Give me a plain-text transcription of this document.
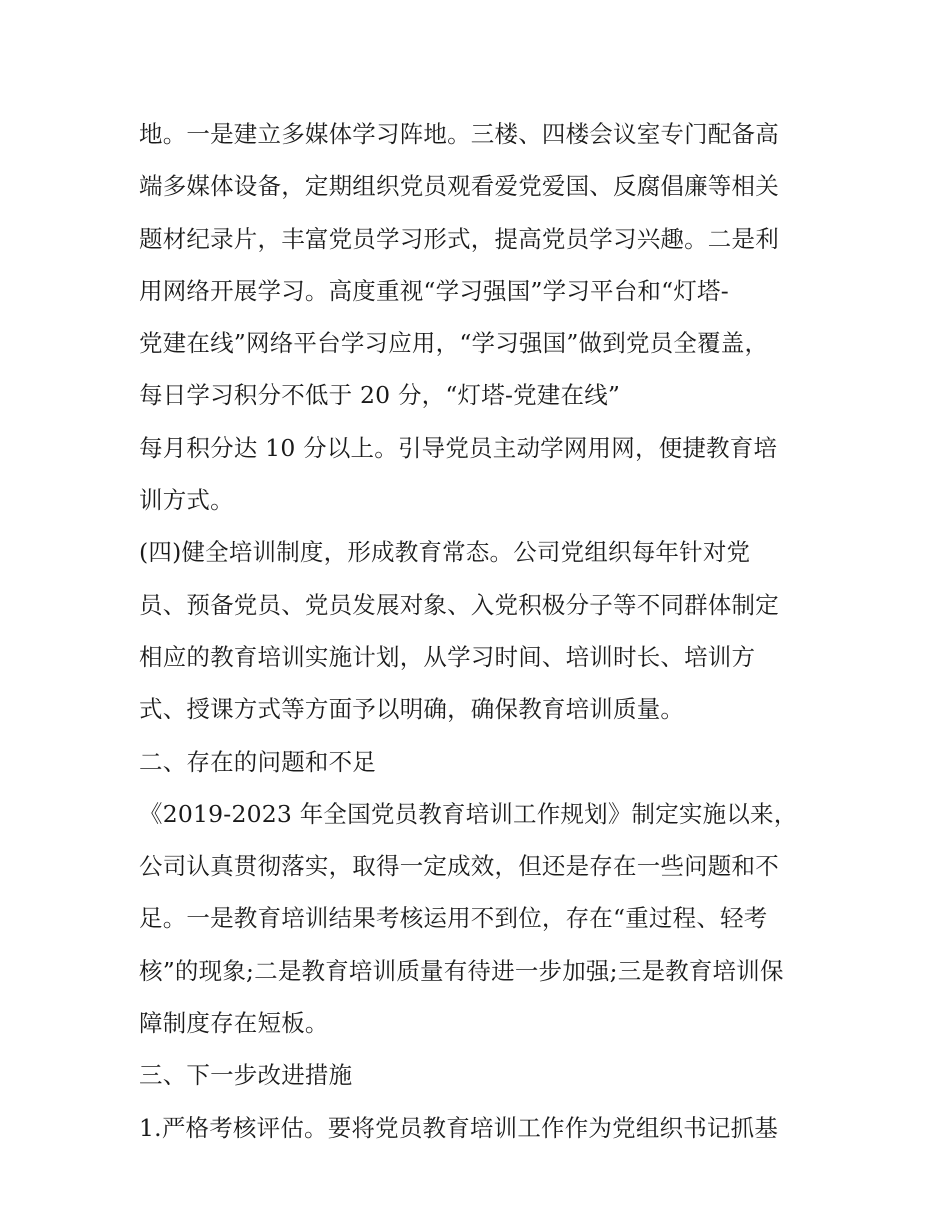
地。一是建立多媒体学习阵地。三楼、四楼会议室专门配备高
端多媒体设备，定期组织党员观看爱党爱国、反腐倡廉等相关
题材纪录片，丰富党员学习形式，提高党员学习兴趣。二是利
用网络开展学习。高度重视“学习强国”学习平台和“灯塔-
党建在线”网络平台学习应用，“学习强国”做到党员全覆盖，
每日学习积分不低于 20 分，“灯塔-党建在线”
每月积分达 10 分以上。引导党员主动学网用网，便捷教育培
训方式。
(四)健全培训制度，形成教育常态。公司党组织每年针对党
员、预备党员、党员发展对象、入党积极分子等不同群体制定
相应的教育培训实施计划，从学习时间、培训时长、培训方
式、授课方式等方面予以明确，确保教育培训质量。
二、存在的问题和不足
《2019-2023 年全国党员教育培训工作规划》制定实施以来，
公司认真贯彻落实，取得一定成效，但还是存在一些问题和不
足。一是教育培训结果考核运用不到位，存在“重过程、轻考
核”的现象;二是教育培训质量有待进一步加强;三是教育培训保
障制度存在短板。
三、下一步改进措施
1.严格考核评估。要将党员教育培训工作作为党组织书记抓基
